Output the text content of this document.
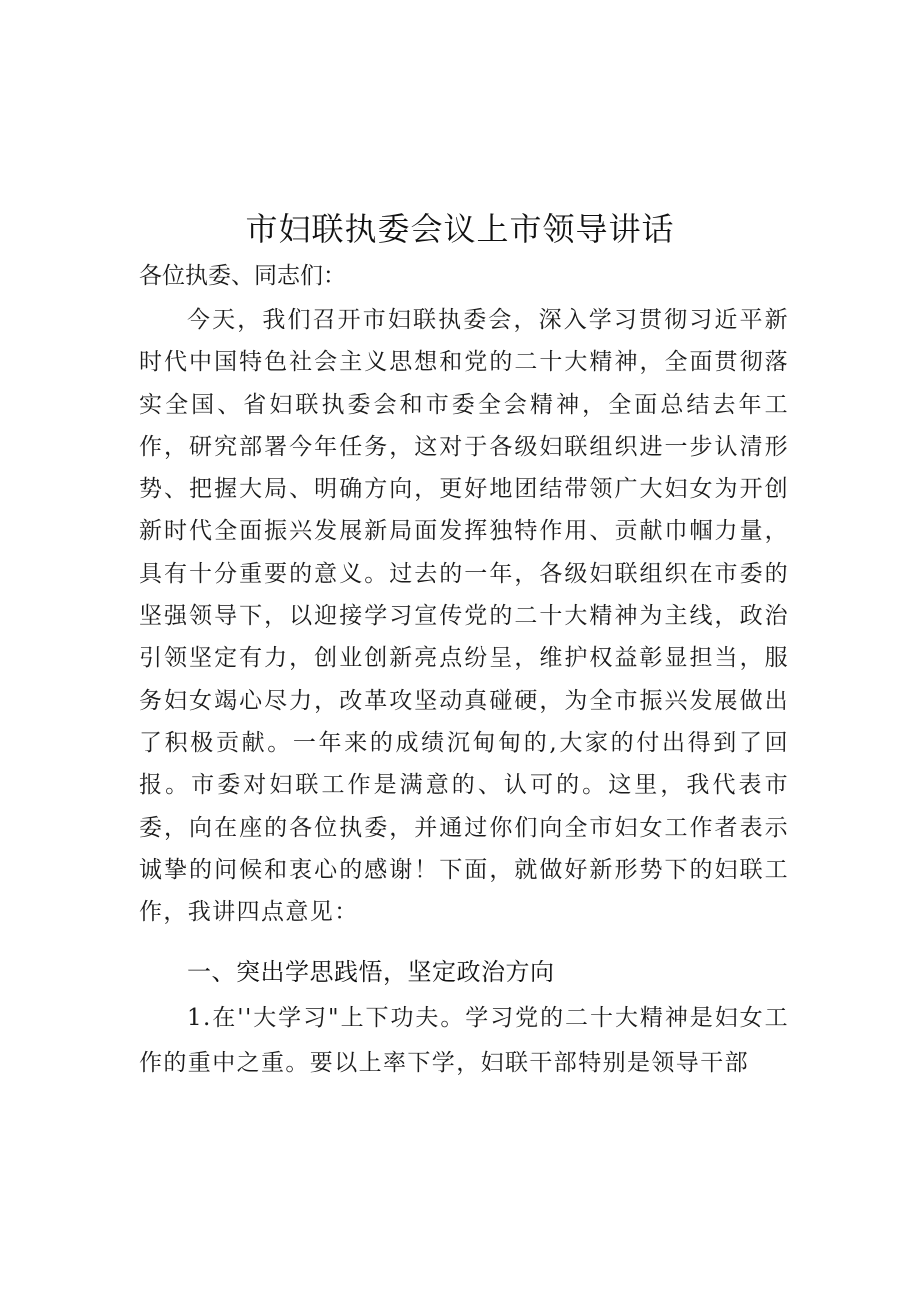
市妇联执委会议上市领导讲话

各位执委、同志们：

今天，我们召开市妇联执委会，深入学习贯彻习近平新时代中国特色社会主义思想和党的二十大精神，全面贯彻落实全国、省妇联执委会和市委全会精神，全面总结去年工作，研究部署今年任务，这对于各级妇联组织进一步认清形势、把握大局、明确方向，更好地团结带领广大妇女为开创新时代全面振兴发展新局面发挥独特作用、贡献巾帼力量，具有十分重要的意义。过去的一年，各级妇联组织在市委的坚强领导下，以迎接学习宣传党的二十大精神为主线，政治引领坚定有力，创业创新亮点纷呈，维护权益彰显担当，服务妇女竭心尽力，改革攻坚动真碰硬，为全市振兴发展做出了积极贡献。一年来的成绩沉甸甸的,大家的付出得到了回报。市委对妇联工作是满意的、认可的。这里，我代表市委，向在座的各位执委，并通过你们向全市妇女工作者表示诚挚的问候和衷心的感谢！下面，就做好新形势下的妇联工作，我讲四点意见：

一、突出学思践悟，坚定政治方向

1.在''大学习"上下功夫。学习党的二十大精神是妇女工作的重中之重。要以上率下学，妇联干部特别是领导干部
